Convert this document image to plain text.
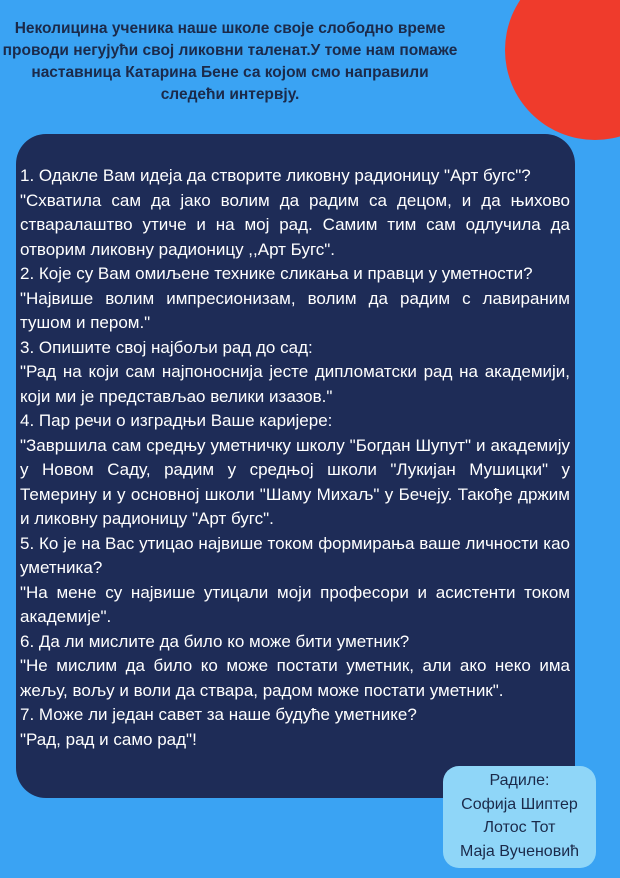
Неколицина ученика наше школе своје слободно време проводи негујући свој ликовни таленат.У томе нам помаже наставница Катарина Бене са којом смо направили следећи интервју.

1. Одакле Вам идеја да створите ликовну радионицу "Арт бугс"?

"Схватила сам да јако волим да радим са децом, и да њихово стваралаштво утиче и на мој рад. Самим тим сам одлучила да отворим ликовну радионицу ,,Арт Бугс".

2. Које су Вам омиљене технике сликања и правци у уметности?

"Највише волим импресионизам, волим да радим с лавираним тушом и пером."

3. Опишите свој најбољи рад до сад:

"Рад на који сам најпоноснија јесте дипломатски рад на академији, који ми је представљао велики изазов."

4. Пар речи о изградњи Ваше каријере:

"Завршила сам средњу уметничку школу "Богдан Шупут" и академију у Новом Саду, радим у средњој школи "Лукијан Мушицки" у Темерину и у основној школи "Шаму Михаљ" у Бечеју. Такође држим и ликовну радионицу "Арт бугс".

5. Ко је на Вас утицао највише током формирања ваше личности као уметника?

"На мене су највише утицали моји професори и асистенти током академије".

6. Да ли мислите да било ко може бити уметник?

"Не мислим да било ко може постати уметник, али ако неко има жељу, вољу и воли да ствара, радом може постати уметник".

7. Може ли један савет за наше будуће уметнике?

"Рад, рад и само рад"!

Радиле:
Софија Шиптер
Лотос Тот
Маја Вученовић
